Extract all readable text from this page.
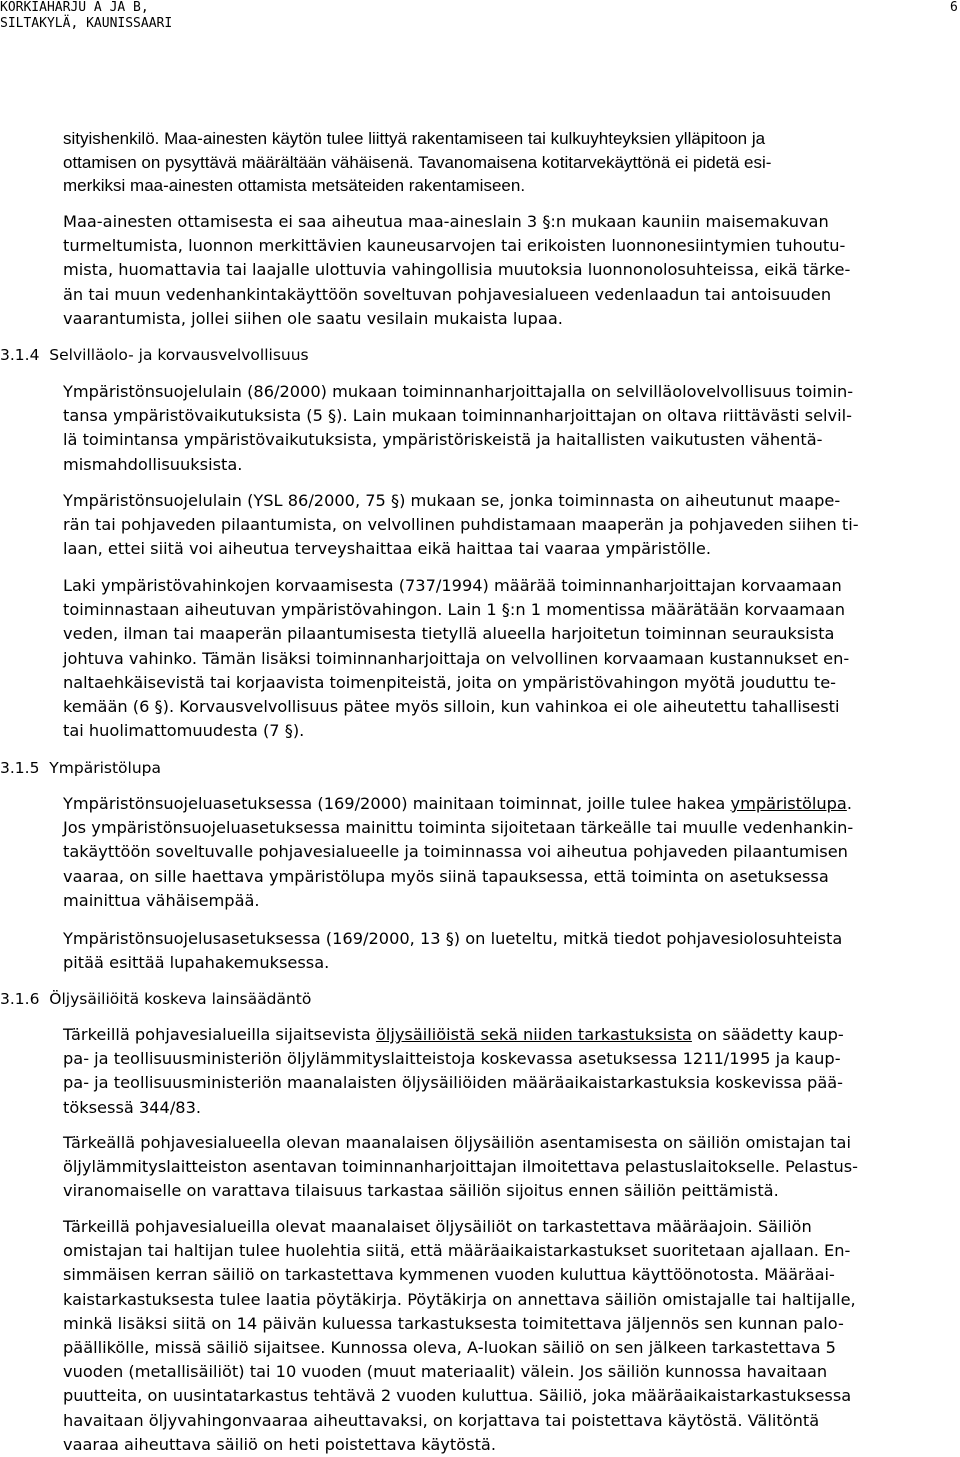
KORKIAHARJU A JA B,
SILTAKYLÄ, KAUNISSAARI
6

sityishenkilö. Maa-ainesten käytön tulee liittyä rakentamiseen tai kulkuyhteyksien ylläpitoon ja
ottamisen on pysyttävä määrältään vähäisenä. Tavanomaisena kotitarvekäyttönä ei pidetä esi-
merkiksi maa-ainesten ottamista metsäteiden rakentamiseen.

Maa-ainesten ottamisesta ei saa aiheutua maa-aineslain 3 §:n mukaan kauniin maisemakuvan
turmeltumista, luonnon merkittävien kauneusarvojen tai erikoisten luonnonesiintymien tuhoutu-
mista, huomattavia tai laajalle ulottuvia vahingollisia muutoksia luonnonolosuhteissa, eikä tärke-
än tai muun vedenhankintakäyttöön soveltuvan pohjavesialueen vedenlaadun tai antoisuuden
vaarantumista, jollei siihen ole saatu vesilain mukaista lupaa.

3.1.4  Selvilläolo- ja korvausvelvollisuus

Ympäristönsuojelulain (86/2000) mukaan toiminnanharjoittajalla on selvilläolovelvollisuus toimin-
tansa ympäristövaikutuksista (5 §). Lain mukaan toiminnanharjoittajan on oltava riittävästi selvil-
lä toimintansa ympäristövaikutuksista, ympäristöriskeistä ja haitallisten vaikutusten vähentä-
mismahdollisuuksista.

Ympäristönsuojelulain (YSL 86/2000, 75 §) mukaan se, jonka toiminnasta on aiheutunut maape-
rän tai pohjaveden pilaantumista, on velvollinen puhdistamaan maaperän ja pohjaveden siihen ti-
laan, ettei siitä voi aiheutua terveyshaittaa eikä haittaa tai vaaraa ympäristölle.

Laki ympäristövahinkojen korvaamisesta (737/1994) määrää toiminnanharjoittajan korvaamaan
toiminnastaan aiheutuvan ympäristövahingon. Lain 1 §:n 1 momentissa määrätään korvaamaan
veden, ilman tai maaperän pilaantumisesta tietyllä alueella harjoitetun toiminnan seurauksista
johtuva vahinko. Tämän lisäksi toiminnanharjoittaja on velvollinen korvaamaan kustannukset en-
naltaehkäisevistä tai korjaavista toimenpiteistä, joita on ympäristövahingon myötä jouduttu te-
kemään (6 §). Korvausvelvollisuus pätee myös silloin, kun vahinkoa ei ole aiheutettu tahallisesti
tai huolimattomuudesta (7 §).

3.1.5  Ympäristölupa

Ympäristönsuojeluasetuksessa (169/2000) mainitaan toiminnat, joille tulee hakea ympäristölupa.
Jos ympäristönsuojeluasetuksessa mainittu toiminta sijoitetaan tärkeälle tai muulle vedenhankin-
takäyttöön soveltuvalle pohjavesialueelle ja toiminnassa voi aiheutua pohjaveden pilaantumisen
vaaraa, on sille haettava ympäristölupa myös siinä tapauksessa, että toiminta on asetuksessa
mainittua vähäisempää.

Ympäristönsuojelusasetuksessa (169/2000, 13 §) on lueteltu, mitkä tiedot pohjavesiolosuhteista
pitää esittää lupahakemuksessa.

3.1.6  Öljysäiliöitä koskeva lainsäädäntö

Tärkeillä pohjavesialueilla sijaitsevista öljysäiliöistä sekä niiden tarkastuksista on säädetty kaup-
pa- ja teollisuusministeriön öljylämmityslaitteistoja koskevassa asetuksessa 1211/1995 ja kaup-
pa- ja teollisuusministeriön maanalaisten öljysäiliöiden määräaikaistarkastuksia koskevissa pää-
töksessä 344/83.

Tärkeällä pohjavesialueella olevan maanalaisen öljysäiliön asentamisesta on säiliön omistajan tai
öljylämmityslaitteiston asentavan toiminnanharjoittajan ilmoitettava pelastuslaitokselle. Pelastus-
viranomaiselle on varattava tilaisuus tarkastaa säiliön sijoitus ennen säiliön peittämistä.

Tärkeillä pohjavesialueilla olevat maanalaiset öljysäiliöt on tarkastettava määräajoin. Säiliön
omistajan tai haltijan tulee huolehtia siitä, että määräaikaistarkastukset suoritetaan ajallaan. En-
simmäisen kerran säiliö on tarkastettava kymmenen vuoden kuluttua käyttöönotosta. Määräai-
kaistarkastuksesta tulee laatia pöytäkirja. Pöytäkirja on annettava säiliön omistajalle tai haltijalle,
minkä lisäksi siitä on 14 päivän kuluessa tarkastuksesta toimitettava jäljennös sen kunnan palo-
päällikölle, missä säiliö sijaitsee. Kunnossa oleva, A-luokan säiliö on sen jälkeen tarkastettava 5
vuoden (metallisäiliöt) tai 10 vuoden (muut materiaalit) välein. Jos säiliön kunnossa havaitaan
puutteita, on uusintatarkastus tehtävä 2 vuoden kuluttua. Säiliö, joka määräaikaistarkastuksessa
havaitaan öljyvahingonvaaraa aiheuttavaksi, on korjattava tai poistettava käytöstä. Välitöntä
vaaraa aiheuttava säiliö on heti poistettava käytöstä.
